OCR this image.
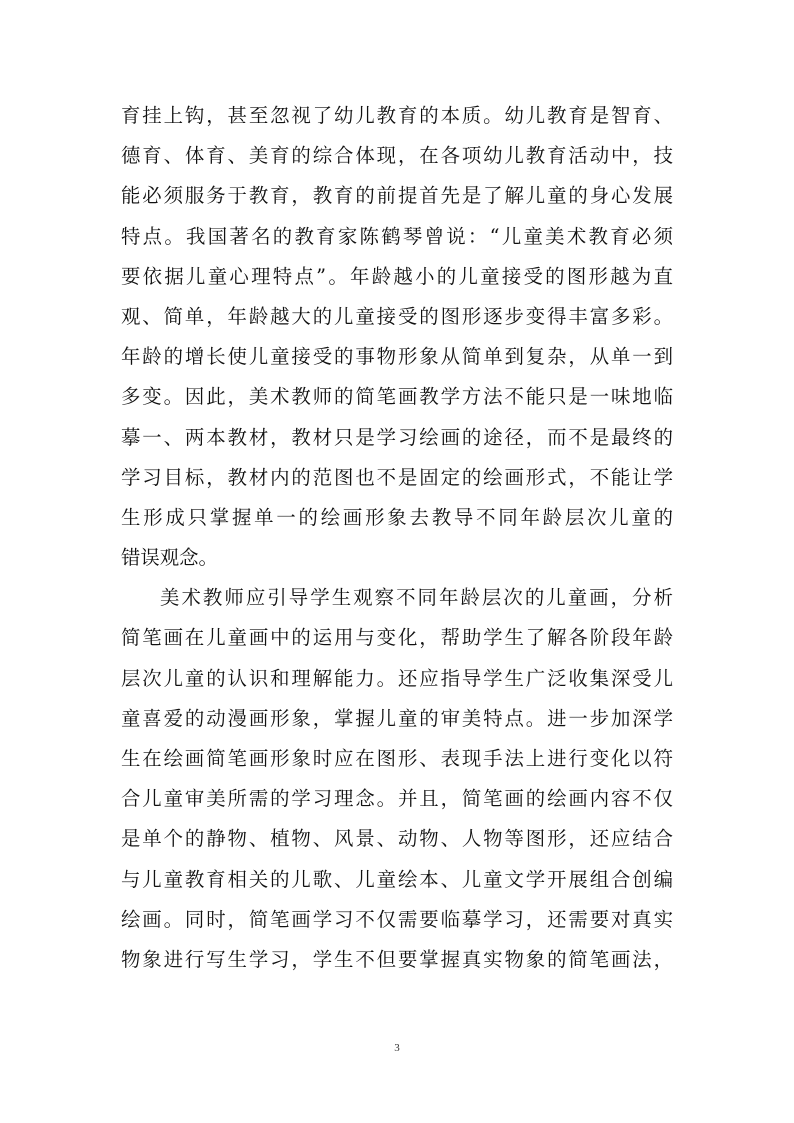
育挂上钩，甚至忽视了幼儿教育的本质。幼儿教育是智育、
德育、体育、美育的综合体现，在各项幼儿教育活动中，技
能必须服务于教育，教育的前提首先是了解儿童的身心发展
特点。我国著名的教育家陈鹤琴曾说：“儿童美术教育必须
要依据儿童心理特点”。年龄越小的儿童接受的图形越为直
观、简单，年龄越大的儿童接受的图形逐步变得丰富多彩。
年龄的增长使儿童接受的事物形象从简单到复杂，从单一到
多变。因此，美术教师的简笔画教学方法不能只是一味地临
摹一、两本教材，教材只是学习绘画的途径，而不是最终的
学习目标，教材内的范图也不是固定的绘画形式，不能让学
生形成只掌握单一的绘画形象去教导不同年龄层次儿童的
错误观念。
美术教师应引导学生观察不同年龄层次的儿童画，分析
简笔画在儿童画中的运用与变化，帮助学生了解各阶段年龄
层次儿童的认识和理解能力。还应指导学生广泛收集深受儿
童喜爱的动漫画形象，掌握儿童的审美特点。进一步加深学
生在绘画简笔画形象时应在图形、表现手法上进行变化以符
合儿童审美所需的学习理念。并且，简笔画的绘画内容不仅
是单个的静物、植物、风景、动物、人物等图形，还应结合
与儿童教育相关的儿歌、儿童绘本、儿童文学开展组合创编
绘画。同时，简笔画学习不仅需要临摹学习，还需要对真实
物象进行写生学习，学生不但要掌握真实物象的简笔画法，
3
